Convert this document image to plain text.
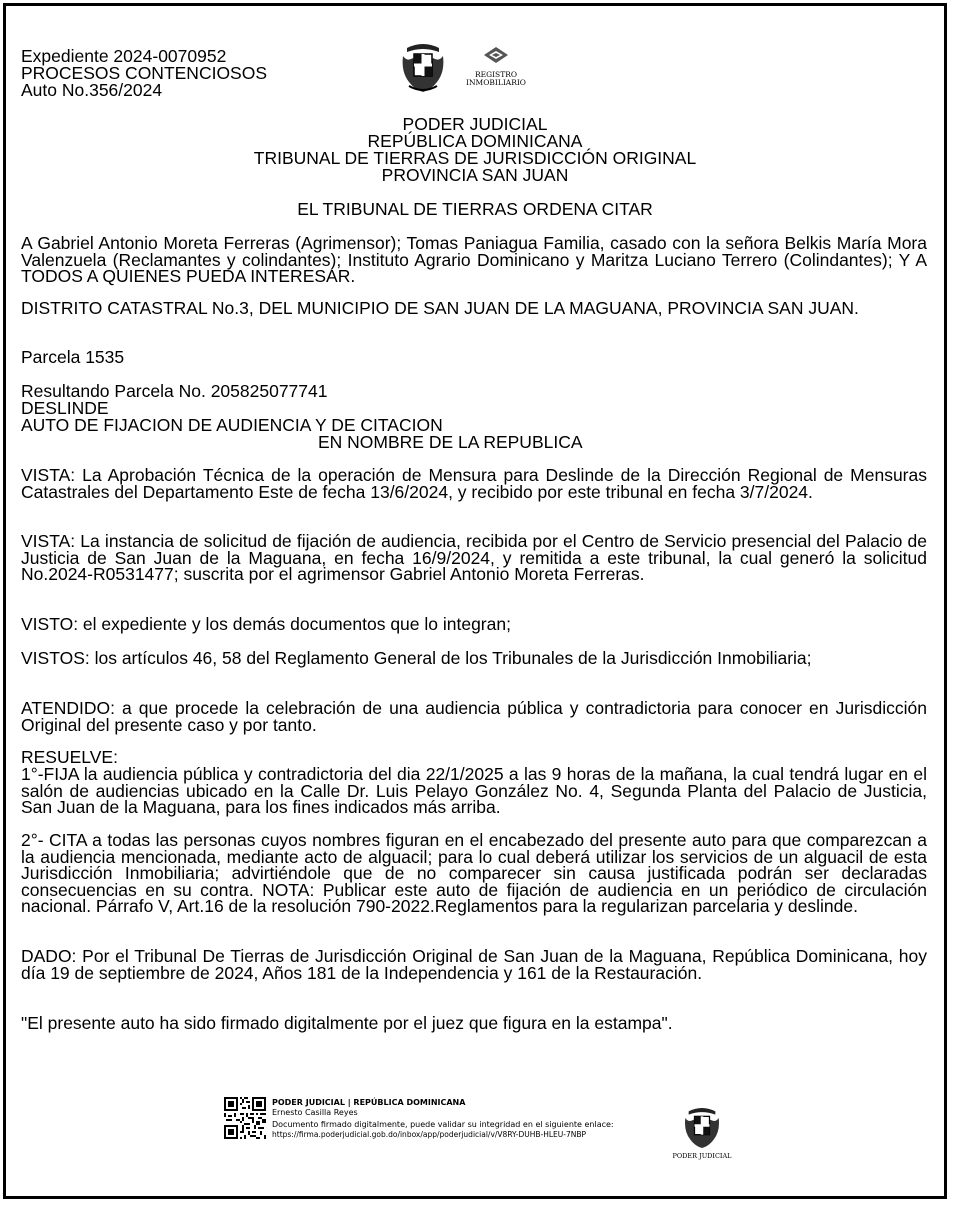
Expediente 2024-0070952
PROCESOS CONTENCIOSOS
Auto No.356/2024
REGISTRO
INMOBILIARIO
PODER JUDICIAL
REPÚBLICA DOMINICANA
TRIBUNAL DE TIERRAS DE JURISDICCIÓN ORIGINAL
PROVINCIA SAN JUAN
EL TRIBUNAL DE TIERRAS ORDENA CITAR
A Gabriel Antonio Moreta Ferreras (Agrimensor); Tomas Paniagua Familia, casado con la señora Belkis María Mora Valenzuela (Reclamantes y colindantes); Instituto Agrario Dominicano y Maritza Luciano Terrero (Colindantes); Y A TODOS A QUIENES PUEDA INTERESAR.
DISTRITO CATASTRAL No.3, DEL MUNICIPIO DE SAN JUAN DE LA MAGUANA, PROVINCIA SAN JUAN.
Parcela 1535
Resultando Parcela No. 205825077741
DESLINDE
AUTO DE FIJACION DE AUDIENCIA Y DE CITACION
EN NOMBRE DE LA REPUBLICA
VISTA: La Aprobación Técnica de la operación de Mensura para Deslinde de la Dirección Regional de Mensuras Catastrales del Departamento Este de fecha 13/6/2024, y recibido por este tribunal en fecha 3/7/2024.
VISTA: La instancia de solicitud de fijación de audiencia, recibida por el Centro de Servicio presencial del Palacio de Justicia de San Juan de la Maguana, en fecha 16/9/2024, y remitida a este tribunal, la cual generó la solicitud No.2024-R0531477; suscrita por el agrimensor Gabriel Antonio Moreta Ferreras.
VISTO: el expediente y los demás documentos que lo integran;
VISTOS: los artículos 46, 58 del Reglamento General de los Tribunales de la Jurisdicción Inmobiliaria;
ATENDIDO: a que procede la celebración de una audiencia pública y contradictoria para conocer en Jurisdicción Original del presente caso y por tanto.
RESUELVE:
1°-FIJA la audiencia pública y contradictoria del dia 22/1/2025 a las 9 horas de la mañana, la cual tendrá lugar en el salón de audiencias ubicado en la Calle Dr. Luis Pelayo González No. 4, Segunda Planta del Palacio de Justicia, San Juan de la Maguana, para los fines indicados más arriba.
2°- CITA a todas las personas cuyos nombres figuran en el encabezado del presente auto para que comparezcan a la audiencia mencionada, mediante acto de alguacil; para lo cual deberá utilizar los servicios de un alguacil de esta Jurisdicción Inmobiliaria; advirtiéndole que de no comparecer sin causa justificada podrán ser declaradas consecuencias en su contra. NOTA: Publicar este auto de fijación de audiencia en un periódico de circulación nacional. Párrafo V, Art.16 de la resolución 790-2022.Reglamentos para la regularizan parcelaria y deslinde.
DADO: Por el Tribunal De Tierras de Jurisdicción Original de San Juan de la Maguana, República Dominicana, hoy día 19 de septiembre de 2024, Años 181 de la Independencia y 161 de la Restauración.
"El presente auto ha sido firmado digitalmente por el juez que figura en la estampa".
PODER JUDICIAL | REPÚBLICA DOMINICANA
Ernesto Casilla Reyes
Documento firmado digitalmente, puede validar su integridad en el siguiente enlace:
https://firma.poderjudicial.gob.do/inbox/app/poderjudicial/v/V8RY-DUHB-HLEU-7NBP
PODER JUDICIAL
